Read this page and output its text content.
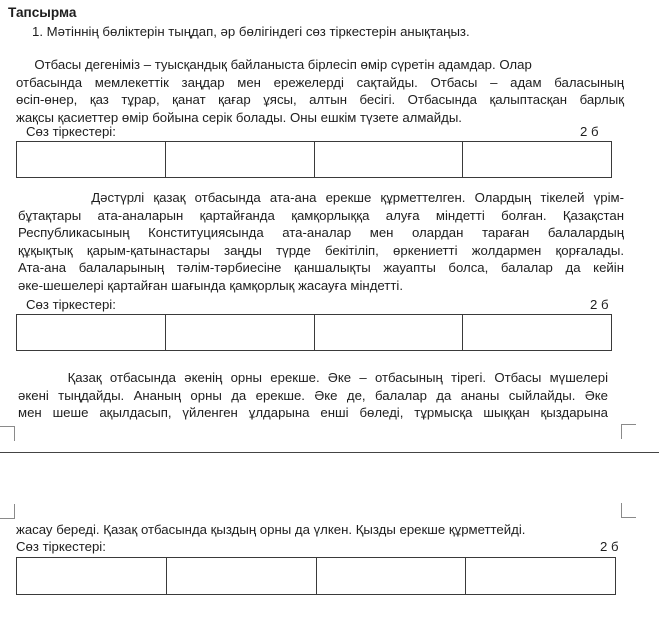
Тапсырма
1. Мәтіннің бөліктерін тыңдап, әр бөлігіндегі сөз тіркестерін анықтаңыз.
Отбасы дегеніміз – туысқандық байланыста бірлесіп өмір сүретін адамдар. Олар
отбасында мемлекеттік заңдар мен ережелерді сақтайды. Отбасы – адам баласының
өсіп-өнер, қаз тұрар, қанат қағар ұясы, алтын бесігі. Отбасында қалыптасқан барлық
жақсы қасиеттер өмір бойына серік болады. Оны ешкім түзете алмайды.
Сөз тіркестері:	2 б

Дәстүрлі қазақ отбасында ата-ана ерекше құрметтелген. Олардың тікелей үрім-
бұтақтары ата-аналарын қартайғанда қамқорлыққа алуға міндетті болған. Қазақстан
Республикасының Конституциясында ата-аналар мен олардан тараған балалардың
құқықтық қарым-қатынастары заңды түрде бекітіліп, өркениетті жолдармен қорғалады.
Ата-ана балаларының тәлім-тәрбиесіне қаншалықты жауапты болса, балалар да кейін
әке-шешелері қартайған шағында қамқорлық жасауға міндетті.
Сөз тіркестері:	2 б

Қазақ отбасында әкенің орны ерекше. Әке – отбасының тірегі. Отбасы мүшелері
әкені тыңдайды. Ананың орны да ерекше. Әке де, балалар да ананы сыйлайды. Әке
мен шеше ақылдасып, үйленген ұлдарына енші бөледі, тұрмысқа шыққан қыздарына
жасау береді. Қазақ отбасында қыздың орны да үлкен. Қызды ерекше құрметтейді.
Сөз тіркестері:	2 б
